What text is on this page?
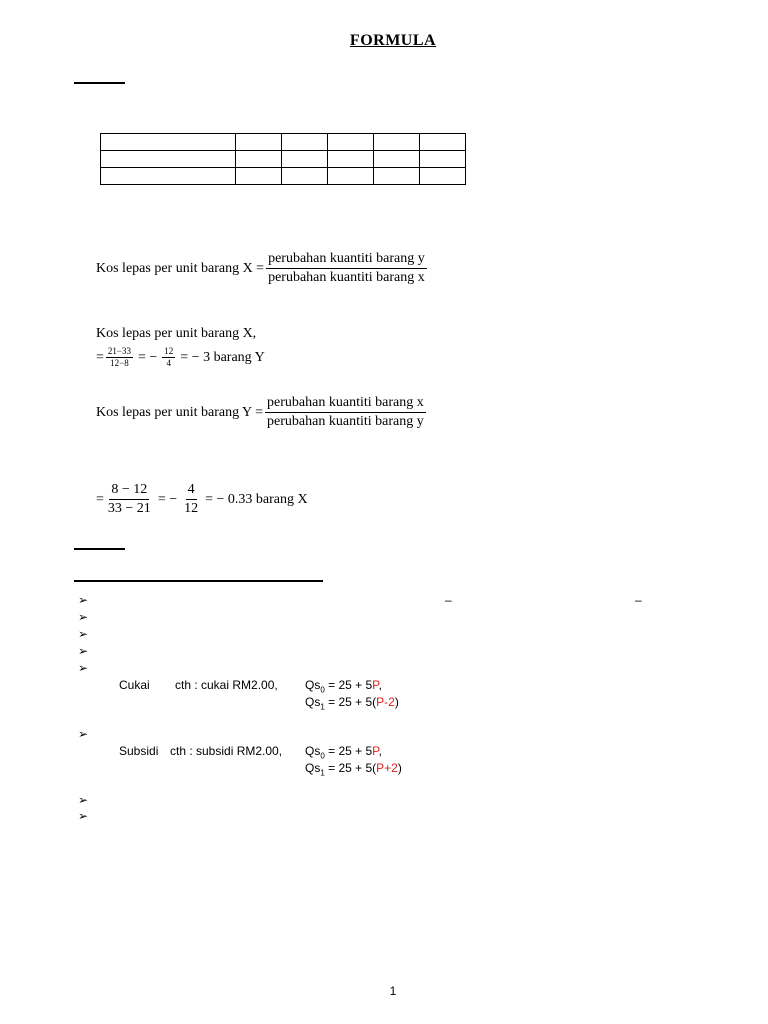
FORMULA

Kos lepas per unit barang $X = \frac{\text{perubahan kuantiti barang y}}{\text{perubahan kuantiti barang x}}$
Kos lepas per unit barang X,
= $\frac{21-33}{12-8}$ = − $\frac{12}{4}$ = − 3 barang Y
Kos lepas per unit barang $Y = \frac{\text{perubahan kuantiti barang x}}{\text{perubahan kuantiti barang y}}$
= $\frac{8 - 12}{33 - 21}$ = − $\frac{4}{12}$ = − 0.33 barang X
➢	–	–
➢
➢
➢
➢
Cukai cth : cukai RM2.00, $Qs_0 = 25 + 5P$,
$Qs_1 = 25 + 5(P-2)$
➢
Subsidi cth : subsidi RM2.00, $Qs_0 = 25 + 5P$,
$Qs_1 = 25 + 5(P+2)$
➢
➢
1
